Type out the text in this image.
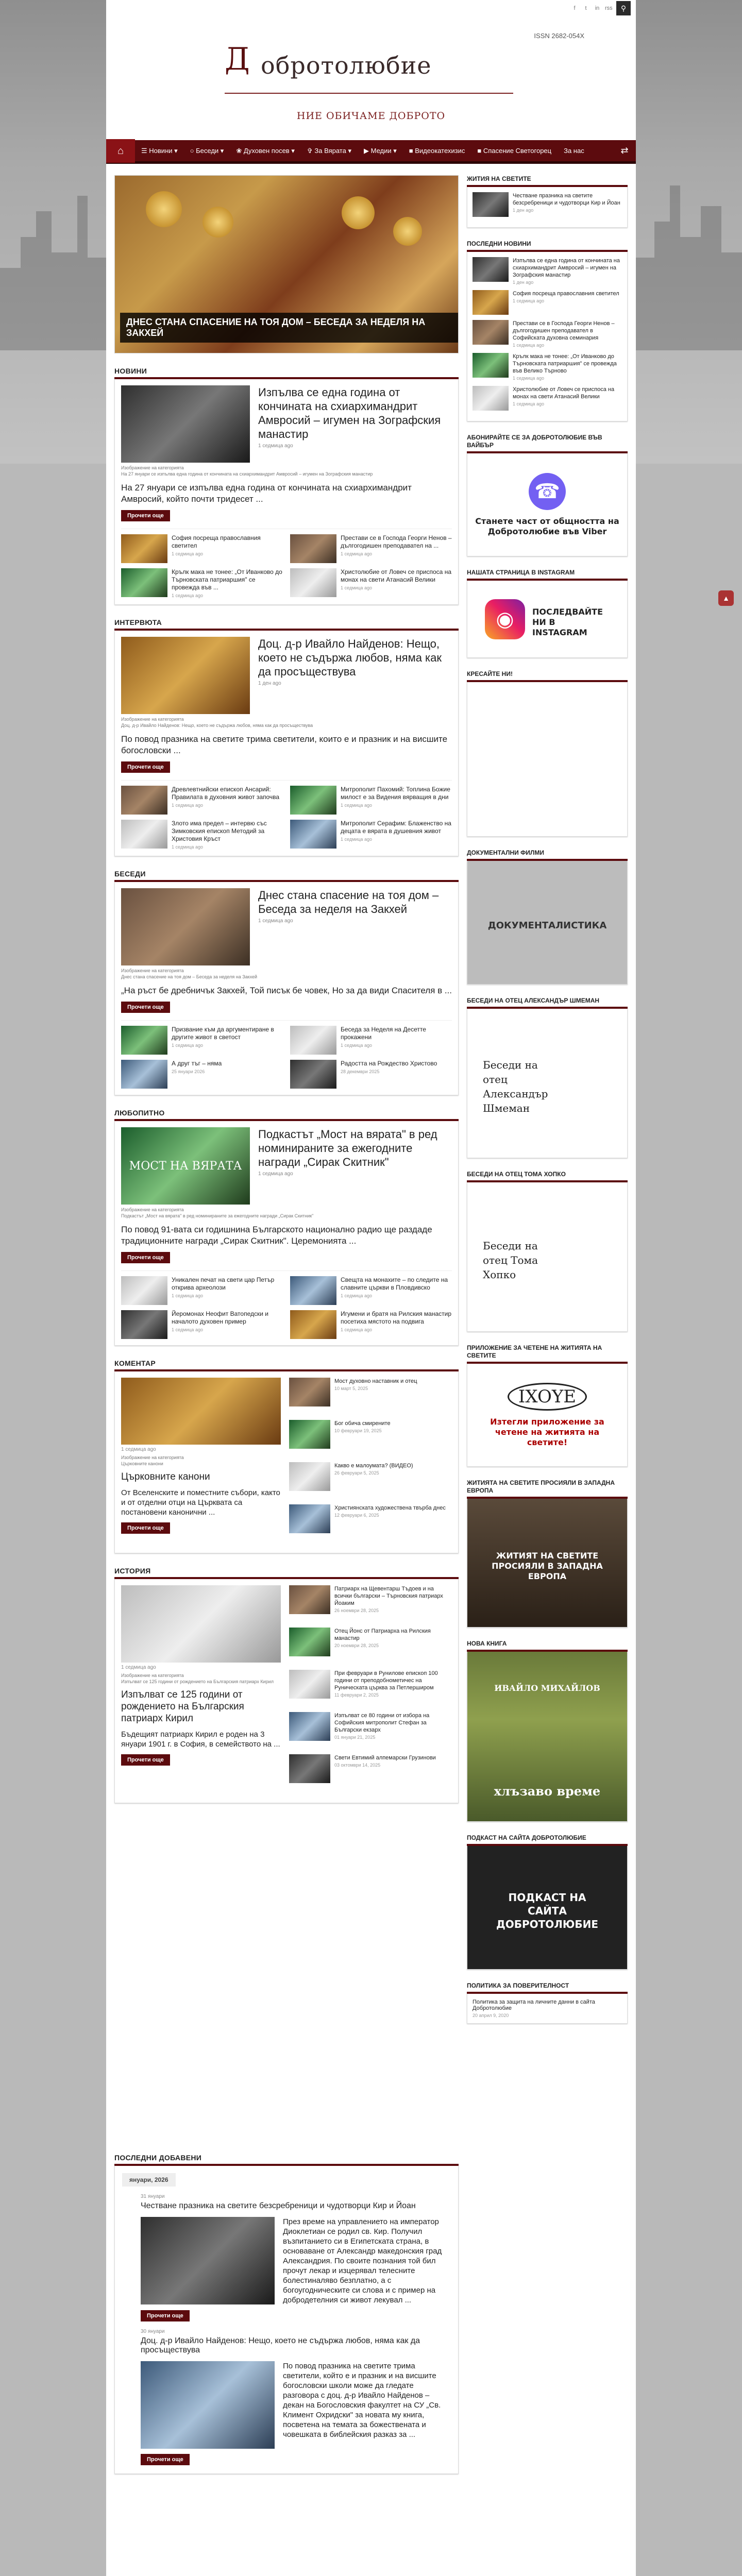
f	t	in rss	⚲
ISSN 2682-054X
Д обротолюбие
НИЕ ОБИЧАМЕ ДОБРОТО
⌂	☰ Новини ▾	○ Беседи ▾	❀ Духовен посев ▾	✞ За Вярата ▾	▶ Медии ▾	■ Видеокатехизис	■ Спасение Светогорец	За нас	⇄
ДНЕС СТАНА СПАСЕНИЕ НА ТОЯ ДОМ – БЕСЕДА ЗА НЕДЕЛЯ НА ЗАКХЕЙ
НОВИНИ
Изпълва се една година от кончината на схиархимандрит Амвросий – игумен на Зографския манастир
1 седмица ago
Изображение на категорията
На 27 януари се изпълва една година от кончината на схиархимандрит Амвросий – игумен на Зографския манастир
На 27 януари се изпълва една година от кончината на схиархимандрит Амвросий, който почти тридесет ...
Прочети още
София посреща православния светител
1 седмица ago
Престави се в Господа Георги Ненов – дългогодишен преподавател на ...
1 седмица ago
Крълк мака не тонее: „От Иванково до Търновската патриаршия" се провежда във ...
1 седмица ago
Христолюбие от Ловеч се приспоса на монах на свети Атанасий Велики
1 седмица ago
ИНТЕРВЮТА
Доц. д-р Ивайло Найденов: Нещо, което не съдържа любов, няма как да просъществува
1 ден ago
Изображение на категорията
Доц. д-р Ивайло Найденов: Нещо, което не съдържа любов, няма как да просъществува
По повод празника на светите трима светители, които е и празник и на висшите богословски ...
Прочети още
Древлевтнийски епископ Ансарий: Правилата в духовния живот започва
1 седмица ago
Митрополит Пахомий: Топлина Божие милост е за Видения вярващия в дни
1 седмица ago
Злото има предел – интервю със Зимковския епископ Методий за Христовия Кръст
1 седмица ago
Митрополит Серафим: Блаженство на децата е вярата в душевния живот
1 седмица ago
БЕСЕДИ
Днес стана спасение на тоя дом – Беседа за неделя на Закхей
1 седмица ago
Изображение на категорията
Днес стана спасение на тоя дом – Беседа за неделя на Закхей
„На ръст бе дребничък Закхей, Той писък бе човек, Но за да види Спасителя в ...
Прочети още
Призвание към да аргументиране в другите живот в светост
1 седмица ago
Беседа за Неделя на Десетте прокажени
1 седмица ago
А друг тъг – няма
25 януари 2026
Радостта на Рождество Христово
28 декември 2025
ЛЮБОПИТНО
МОСТ НА ВЯРАТА
Подкастът „Мост на вярата" в ред номинираните за ежегодните награди „Сирак Скитник"
1 седмица ago
Изображение на категорията
Подкастът „Мост на вярата" в ред номинираните за ежегодните награди „Сирак Скитник"
По повод 91-вата си годишнина Българското национално радио ще раздаде традиционните награди „Сирак Скитник". Церемонията ...
Прочети още
Уникален печат на свети цар Петър открива археолози
1 седмица ago
Свещта на монахите – по следите на славните църкви в Пловдивско
1 седмица ago
Йеромонах Неофит Ватопедски и началото духовен пример
1 седмица ago
Игумени и братя на Рилския манастир посетиха мястото на подвига
1 седмица ago
КОМЕНТАР
1 седмица ago
Изображение на категорията
Църковните канони
Църковните канони
От Вселенските и поместните събори, както и от отделни отци на Църквата са постановени канонични ...
Прочети още
Мост духовно наставник и отец
10 март 5, 2025
Бог обича смирените
10 февруари 19, 2025
Какво е малоумата? (ВИДЕО)
26 февруари 5, 2025
Християнската художествена твърба днес
12 февруари 6, 2025
ИСТОРИЯ
1 седмица ago
Изображение на категорията
Изпълват се 125 години от рождението на Българския патриарх Кирил
Изпълват се 125 години от рождението на Българския патриарх Кирил
Бъдещият патриарх Кирил е роден на 3 януари 1901 г. в София, в семейството на ...
Прочети още
Патриарх на Щевентарш Тъдоев и на всички български – Търновския патриарх Йоаким
26 ноември 28, 2025
Отец Йонс от Патриарха на Рилския манастир
20 ноември 28, 2025
При февруари в Рунилове епископ 100 години от преподобнометичес на Руническата църква за Петлерширом
11 февруари 2, 2025
Изпълват се 80 години от избора на Софийския митрополит Стефан за Български екзарх
01 януари 21, 2025
Свети Евтимий алпемарски Грузинови
03 октомври 14, 2025
ЖИТИЯ НА СВЕТИТЕ
Честване празника на светите безсребреници и чудотворци Кир и Йоан
1 ден ago
ПОСЛЕДНИ НОВИНИ
Изпълва се една година от кончината на схиархимандрит Амвросий – игумен на Зографския манастир
1 ден ago
София посреща православния светител
1 седмица ago
Престави се в Господа Георги Ненов – дългогодишен преподавател в Софийската духовна семинария
1 седмица ago
Крълк мака не тонее: „От Иванково до Търновската патриаршия" се провежда във Велико Търново
1 седмица ago
Христолюбие от Ловеч се приспоса на монах на свети Атанасий Велики
1 седмица ago
АБОНИРАЙТЕ СЕ ЗА ДОБРОТОЛЮБИЕ ВЪВ ВАЙБЪР
☎
Станете част от общността на Добротолюбие във Viber
НАШАТА СТРАНИЦА В INSTAGRAM
◉	ПОСЛЕДВАЙТЕ НИ В INSTAGRAM
КРЕСАЙТЕ НИ!
ДОКУМЕНТАЛНИ ФИЛМИ
ДОКУМЕНТАЛИСТИКА
БЕСЕДИ НА ОТЕЦ АЛЕКСАНДЪР ШМЕМАН
Беседи на отец Александър Шмеман
БЕСЕДИ НА ОТЕЦ ТОМА ХОПКО
Беседи на отец Тома Хопко
ПРИЛОЖЕНИЕ ЗА ЧЕТЕНЕ НА ЖИТИЯТА НА СВЕТИТЕ
IXOYE
Изтегли приложение за четене на житията на светите!
ЖИТИЯТА НА СВЕТИТЕ ПРОСИЯЛИ В ЗАПАДНА ЕВРОПА
ЖИТИЯТ НА СВЕТИТЕ ПРОСИЯЛИ В ЗАПАДНА ЕВРОПА
НОВА КНИГА
ИВАЙЛО МИХАЙЛОВ
хлъзаво време
ПОДКАСТ НА САЙТА ДОБРОТОЛЮБИЕ
ПОДКАСТ НА САЙТА ДОБРОТОЛЮБИЕ
ПОЛИТИКА ЗА ПОВЕРИТЕЛНОСТ
Политика за защита на личните данни в сайта Добротолюбие
20 април 9, 2020
ПОСЛЕДНИ ДОБАВЕНИ
януари, 2026
31 януари
Честване празника на светите безсребреници и чудотворци Кир и Йоан
През време на управлението на император Диоклетиан се родил св. Кир. Получил възпитанието си в Египетската страна, в основаване от Александр македонския град Александрия. По своите познания той бил прочут лекар и изцерявал телесните болестиналяво безплатно, а с богоугодническите си слова и с пример на добродетелния си живот лекувал ...
Прочети още
30 януари
Доц. д-р Ивайло Найденов: Нещо, което не съдържа любов, няма как да просъществува
По повод празника на светите трима светители, който е и празник и на висшите богословски школи може да гледате разговора с доц. д-р Ивайло Найденов – декан на Богословския факултет на СУ „Св. Климент Охридски" за новата му книга, посветена на темата за божествената и човешката в библейския разказ за ...
Прочети още

▲
